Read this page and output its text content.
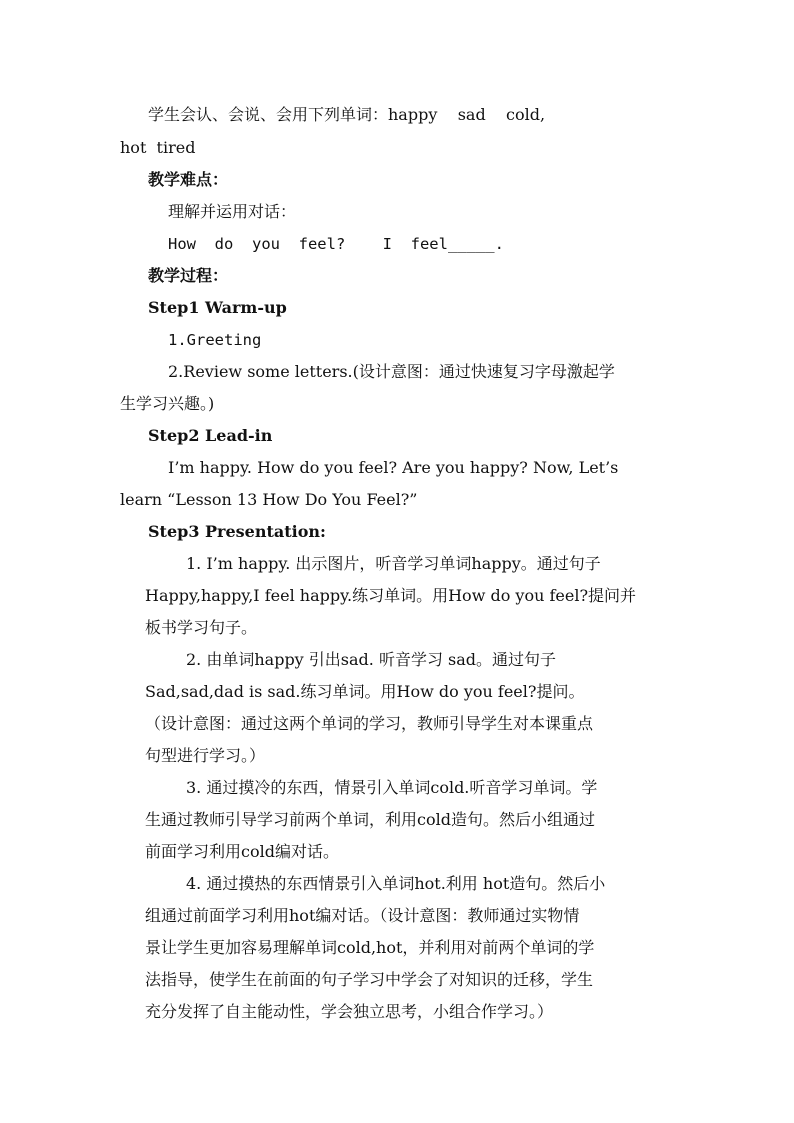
学生会认、会说、会用下列单词：happy    sad    cold,
hot  tired
教学难点：
理解并运用对话：
How  do  you  feel?    I  feel_____.
教学过程：
Step1 Warm-up
1.Greeting
2.Review some letters.(设计意图：通过快速复习字母激起学
生学习兴趣。)
Step2 Lead-in
I’m happy. How do you feel? Are you happy? Now, Let’s
learn “Lesson 13 How Do You Feel?”
Step3 Presentation:
1. I’m happy. 出示图片，听音学习单词happy。通过句子
Happy,happy,I feel happy.练习单词。用How do you feel?提问并
板书学习句子。
2. 由单词happy 引出sad. 听音学习 sad。通过句子
Sad,sad,dad is sad.练习单词。用How do you feel?提问。
（设计意图：通过这两个单词的学习，教师引导学生对本课重点
句型进行学习。）
3. 通过摸冷的东西，情景引入单词cold.听音学习单词。学
生通过教师引导学习前两个单词，利用cold造句。然后小组通过
前面学习利用cold编对话。
4. 通过摸热的东西情景引入单词hot.利用 hot造句。然后小
组通过前面学习利用hot编对话。（设计意图：教师通过实物情
景让学生更加容易理解单词cold,hot，并利用对前两个单词的学
法指导，使学生在前面的句子学习中学会了对知识的迁移，学生
充分发挥了自主能动性，学会独立思考，小组合作学习。）
